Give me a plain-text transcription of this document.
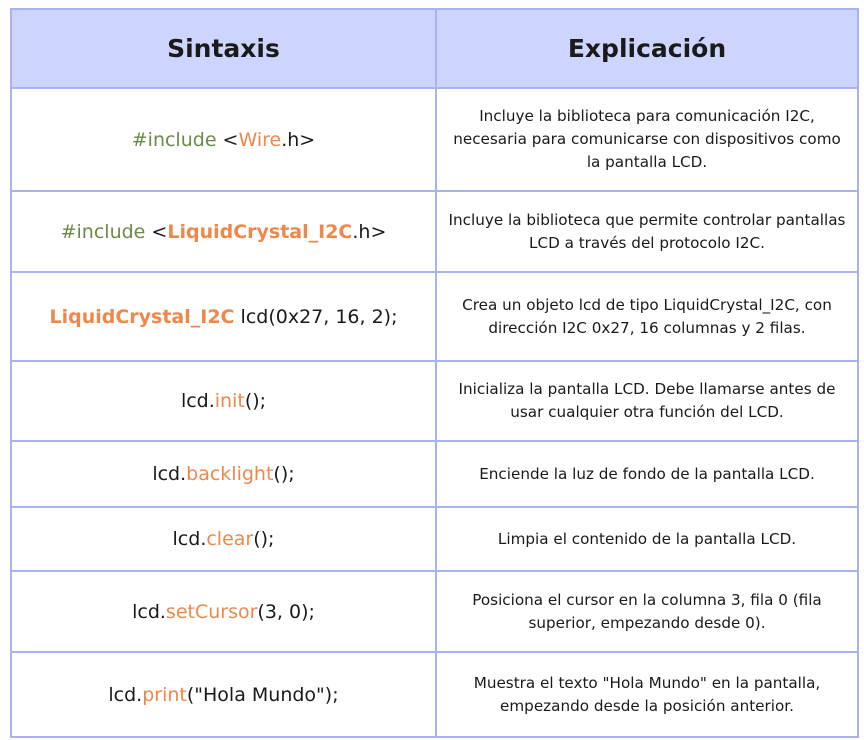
Sintaxis	Explicación
#include <Wire.h>	Incluye la biblioteca para comunicación I2C, necesaria para comunicarse con dispositivos como la pantalla LCD.
#include <LiquidCrystal_I2C.h>	Incluye la biblioteca que permite controlar pantallas LCD a través del protocolo I2C.
LiquidCrystal_I2C lcd(0x27, 16, 2);	Crea un objeto lcd de tipo LiquidCrystal_I2C, con dirección I2C 0x27, 16 columnas y 2 filas.
lcd.init();	Inicializa la pantalla LCD. Debe llamarse antes de usar cualquier otra función del LCD.
lcd.backlight();	Enciende la luz de fondo de la pantalla LCD.
lcd.clear();	Limpia el contenido de la pantalla LCD.
lcd.setCursor(3, 0);	Posiciona el cursor en la columna 3, fila 0 (fila superior, empezando desde 0).
lcd.print("Hola Mundo");	Muestra el texto "Hola Mundo" en la pantalla, empezando desde la posición anterior.
